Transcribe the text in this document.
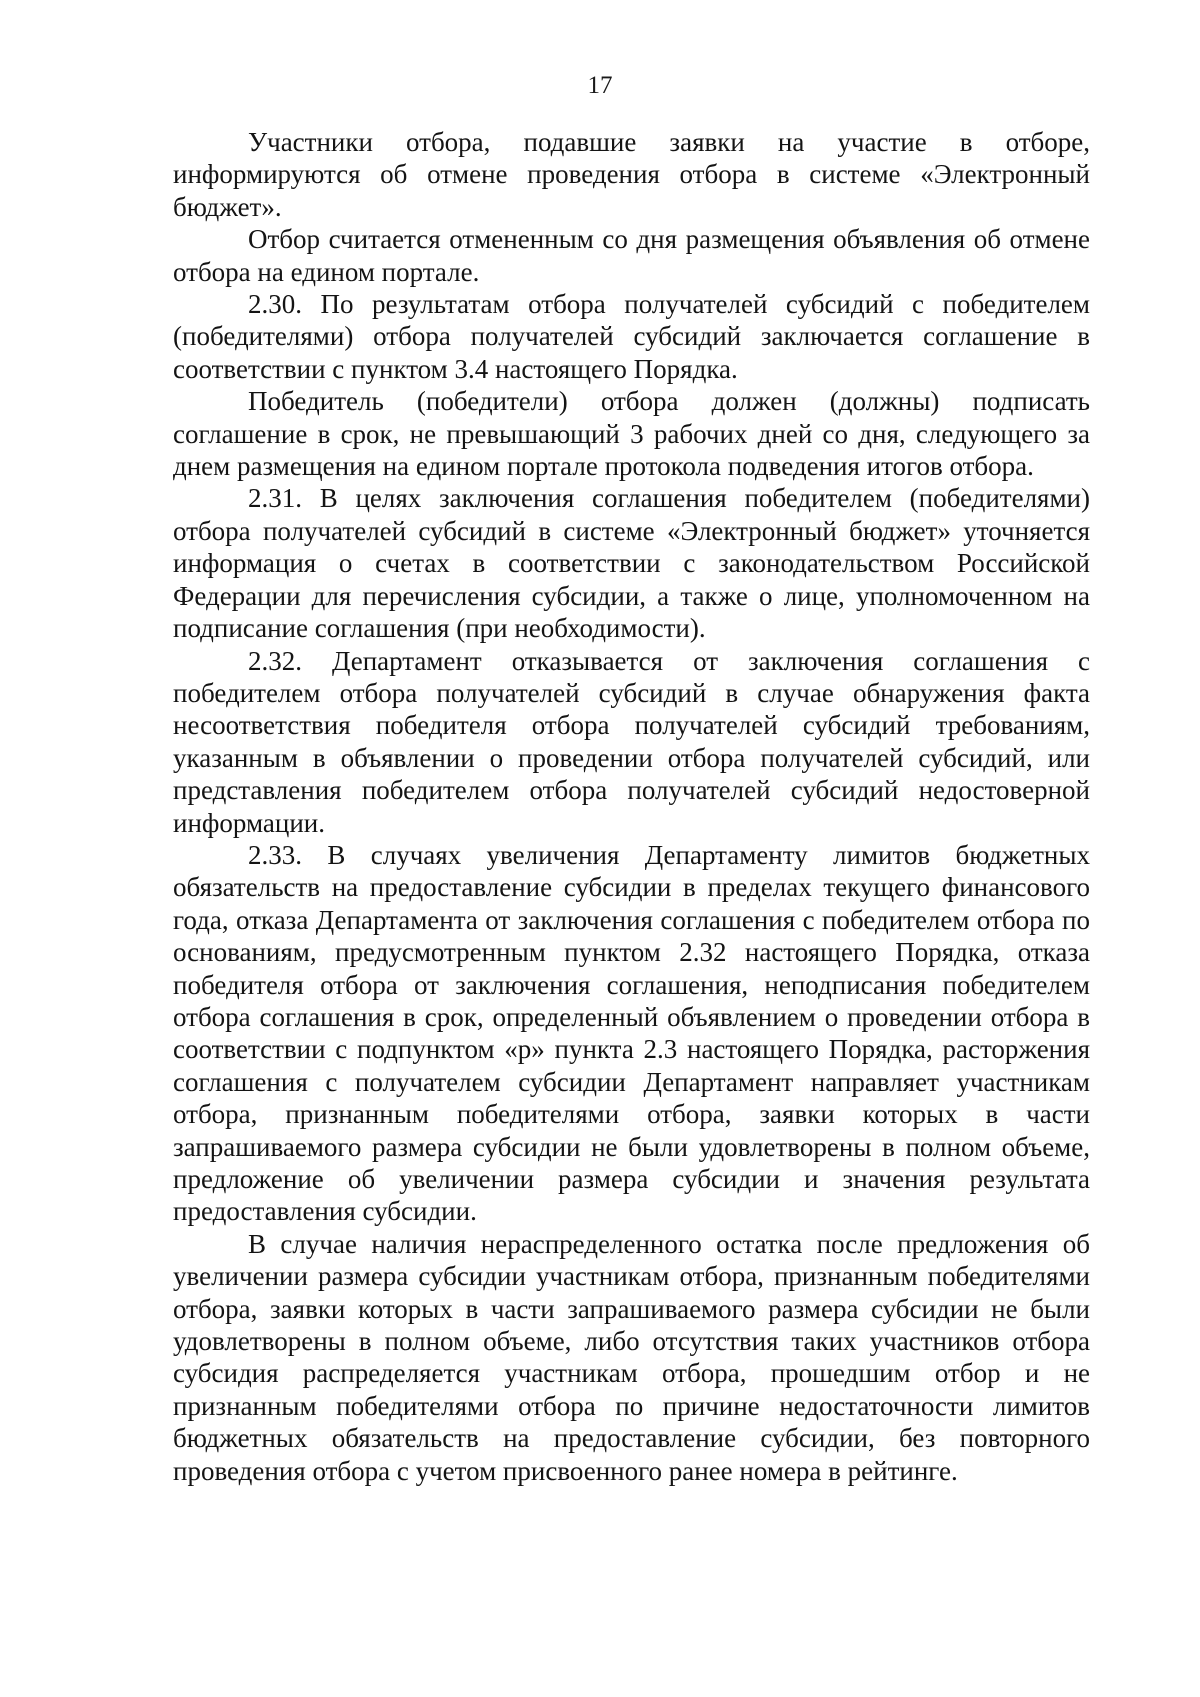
17

Участники отбора, подавшие заявки на участие в отборе, информируются об отмене проведения отбора в системе «Электронный бюджет».

Отбор считается отмененным со дня размещения объявления об отмене отбора на едином портале.

2.30. По результатам отбора получателей субсидий с победителем (победителями) отбора получателей субсидий заключается соглашение в соответствии с пунктом 3.4 настоящего Порядка.

Победитель (победители) отбора должен (должны) подписать соглашение в срок, не превышающий 3 рабочих дней со дня, следующего за днем размещения на едином портале протокола подведения итогов отбора.

2.31. В целях заключения соглашения победителем (победителями) отбора получателей субсидий в системе «Электронный бюджет» уточняется информация о счетах в соответствии с законодательством Российской Федерации для перечисления субсидии, а также о лице, уполномоченном на подписание соглашения (при необходимости).

2.32. Департамент отказывается от заключения соглашения с победителем отбора получателей субсидий в случае обнаружения факта несоответствия победителя отбора получателей субсидий требованиям, указанным в объявлении о проведении отбора получателей субсидий, или представления победителем отбора получателей субсидий недостоверной информации.

2.33. В случаях увеличения Департаменту лимитов бюджетных обязательств на предоставление субсидии в пределах текущего финансового года, отказа Департамента от заключения соглашения с победителем отбора по основаниям, предусмотренным пунктом 2.32 настоящего Порядка, отказа победителя отбора от заключения соглашения, неподписания победителем отбора соглашения в срок, определенный объявлением о проведении отбора в соответствии с подпунктом «р» пункта 2.3 настоящего Порядка, расторжения соглашения с получателем субсидии Департамент направляет участникам отбора, признанным победителями отбора, заявки которых в части запрашиваемого размера субсидии не были удовлетворены в полном объеме, предложение об увеличении размера субсидии и значения результата предоставления субсидии.

В случае наличия нераспределенного остатка после предложения об увеличении размера субсидии участникам отбора, признанным победителями отбора, заявки которых в части запрашиваемого размера субсидии не были удовлетворены в полном объеме, либо отсутствия таких участников отбора субсидия распределяется участникам отбора, прошедшим отбор и не признанным победителями отбора по причине недостаточности лимитов бюджетных обязательств на предоставление субсидии, без повторного проведения отбора с учетом присвоенного ранее номера в рейтинге.
